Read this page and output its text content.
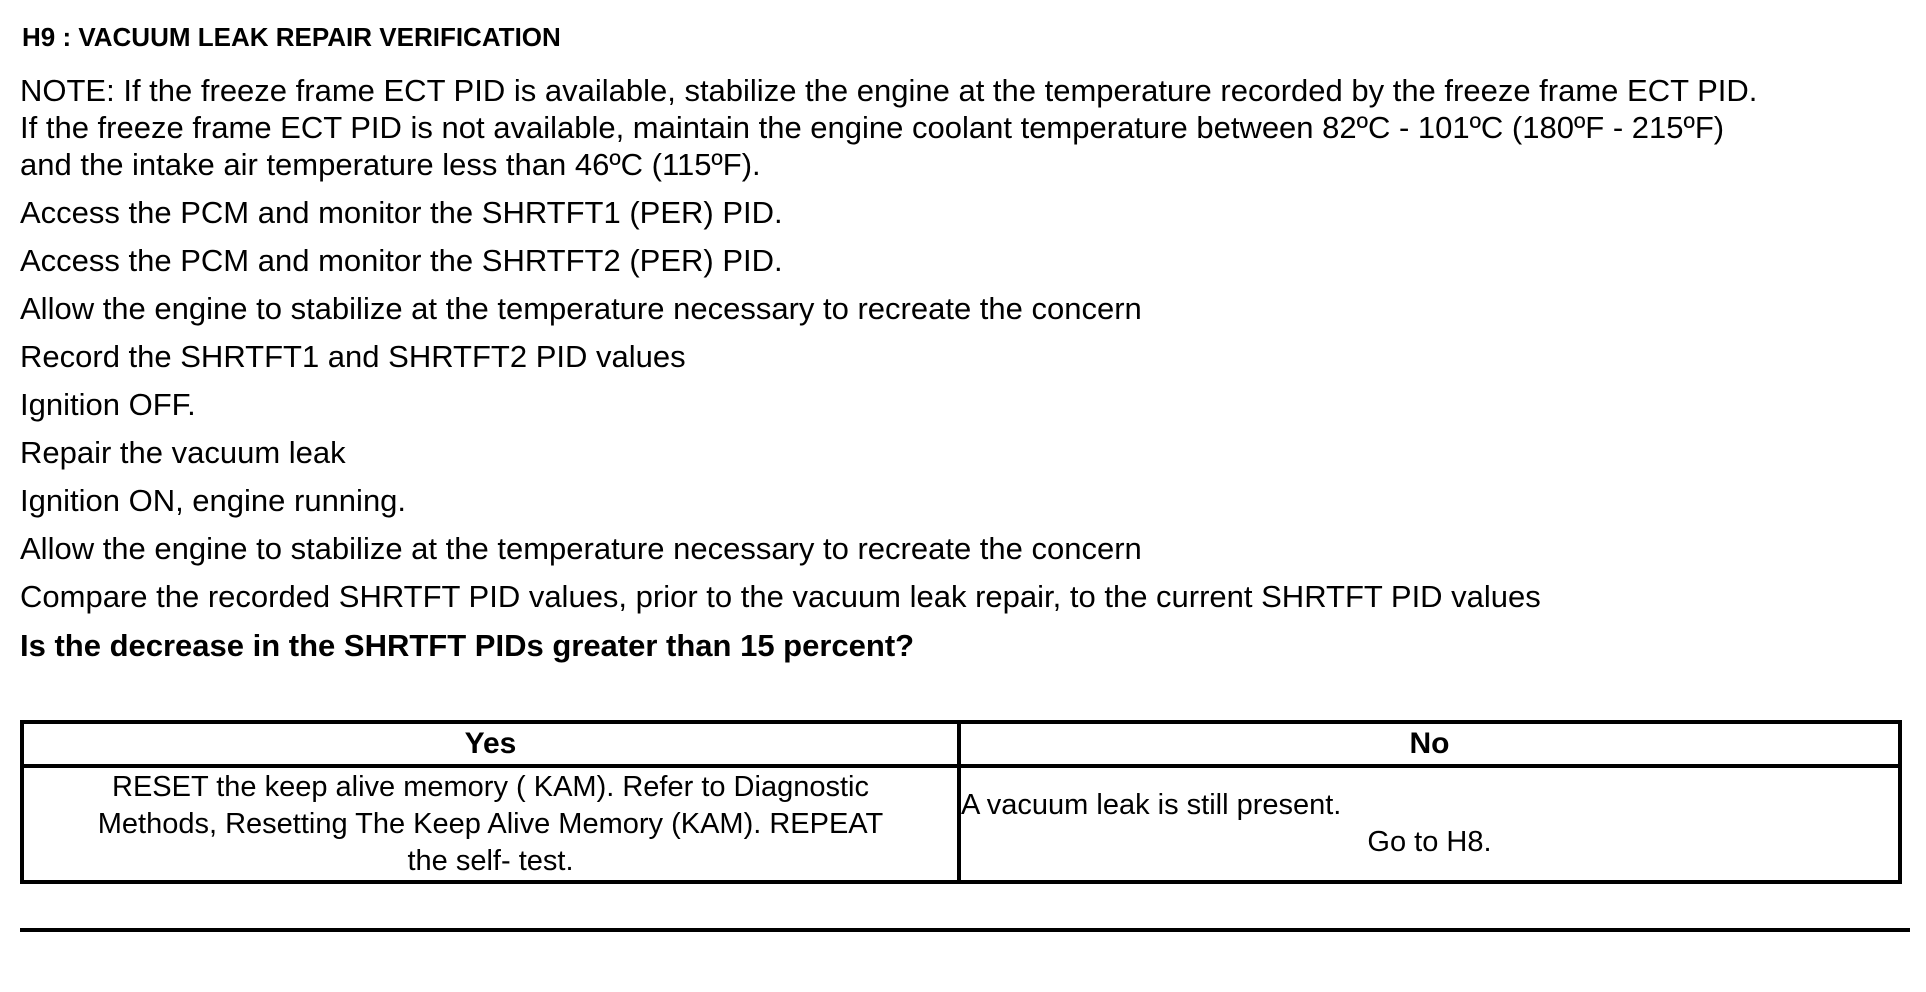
H9 : VACUUM LEAK REPAIR VERIFICATION

NOTE: If the freeze frame ECT PID is available, stabilize the engine at the temperature recorded by the freeze frame ECT PID.

If the freeze frame ECT PID is not available, maintain the engine coolant temperature between 82ºC - 101ºC (180ºF - 215ºF)

and the intake air temperature less than 46ºC (115ºF).

Access the PCM and monitor the SHRTFT1 (PER) PID.
Access the PCM and monitor the SHRTFT2 (PER) PID.
Allow the engine to stabilize at the temperature necessary to recreate the concern
Record the SHRTFT1 and SHRTFT2 PID values
Ignition OFF.
Repair the vacuum leak
Ignition ON, engine running.
Allow the engine to stabilize at the temperature necessary to recreate the concern
Compare the recorded SHRTFT PID values, prior to the vacuum leak repair, to the current SHRTFT PID values
Is the decrease in the SHRTFT PIDs greater than 15 percent?
Yes	No
RESET the keep alive memory ( KAM). Refer to Diagnostic
Methods, Resetting The Keep Alive Memory (KAM). REPEAT
the self- test.	A vacuum leak is still present.
Go to H8.
